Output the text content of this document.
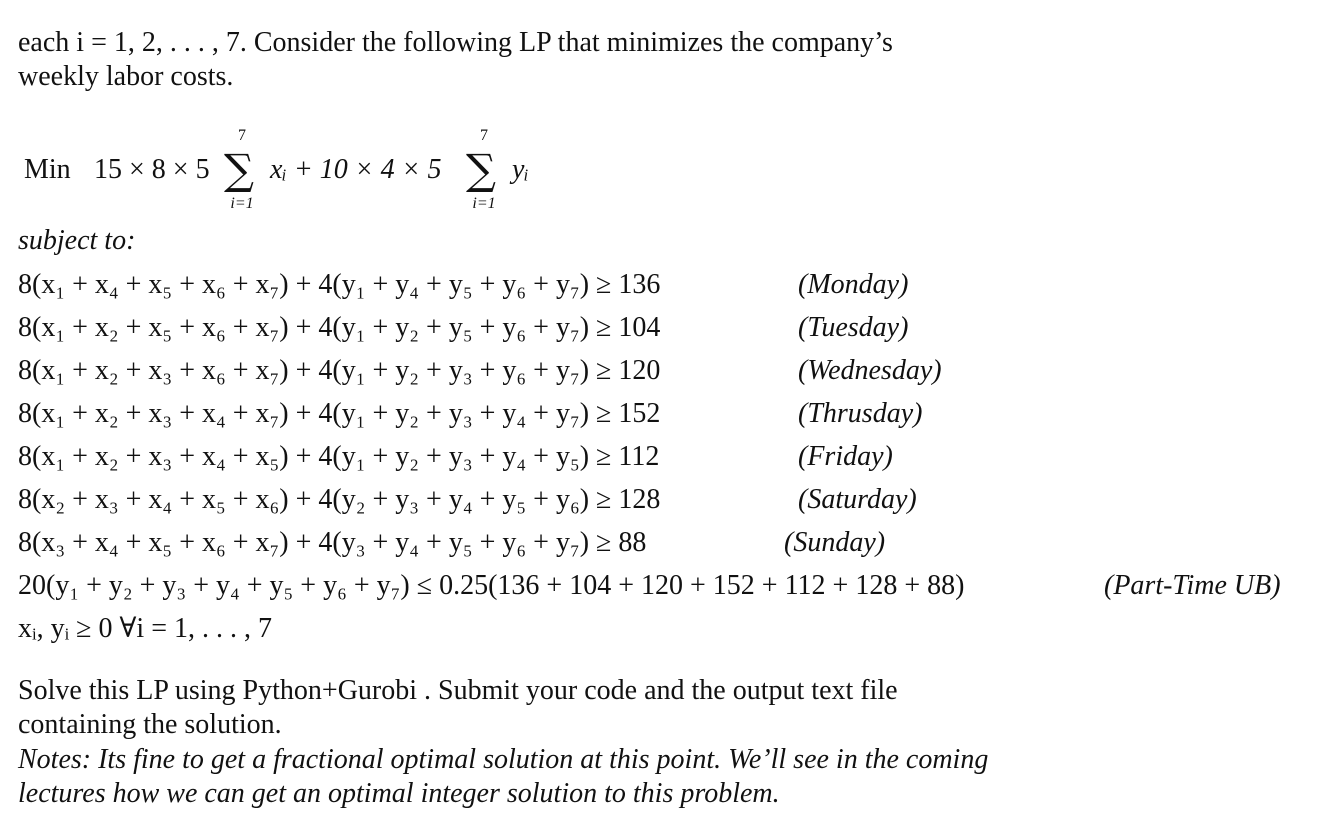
each i = 1, 2, . . . , 7. Consider the following LP that minimizes the company’s
weekly labor costs.
Min 15 × 8 × 5
7
∑
i=1
xᵢ + 10 × 4 × 5
7
∑
i=1
yᵢ
subject to:
8(x₁ + x₄ + x₅ + x₆ + x₇) + 4(y₁ + y₄ + y₅ + y₆ + y₇) ≥ 136	(Monday)
8(x₁ + x₂ + x₅ + x₆ + x₇) + 4(y₁ + y₂ + y₅ + y₆ + y₇) ≥ 104	(Tuesday)
8(x₁ + x₂ + x₃ + x₆ + x₇) + 4(y₁ + y₂ + y₃ + y₆ + y₇) ≥ 120	(Wednesday)
8(x₁ + x₂ + x₃ + x₄ + x₇) + 4(y₁ + y₂ + y₃ + y₄ + y₇) ≥ 152	(Thrusday)
8(x₁ + x₂ + x₃ + x₄ + x₅) + 4(y₁ + y₂ + y₃ + y₄ + y₅) ≥ 112	(Friday)
8(x₂ + x₃ + x₄ + x₅ + x₆) + 4(y₂ + y₃ + y₄ + y₅ + y₆) ≥ 128	(Saturday)
8(x₃ + x₄ + x₅ + x₆ + x₇) + 4(y₃ + y₄ + y₅ + y₆ + y₇) ≥ 88	(Sunday)
20(y₁ + y₂ + y₃ + y₄ + y₅ + y₆ + y₇) ≤ 0.25(136 + 104 + 120 + 152 + 112 + 128 + 88)	(Part-Time UB)
xᵢ, yᵢ ≥ 0 ∀i = 1, . . . , 7
Solve this LP using Python+Gurobi . Submit your code and the output text file
containing the solution.
Notes: Its fine to get a fractional optimal solution at this point. We’ll see in the coming
lectures how we can get an optimal integer solution to this problem.
